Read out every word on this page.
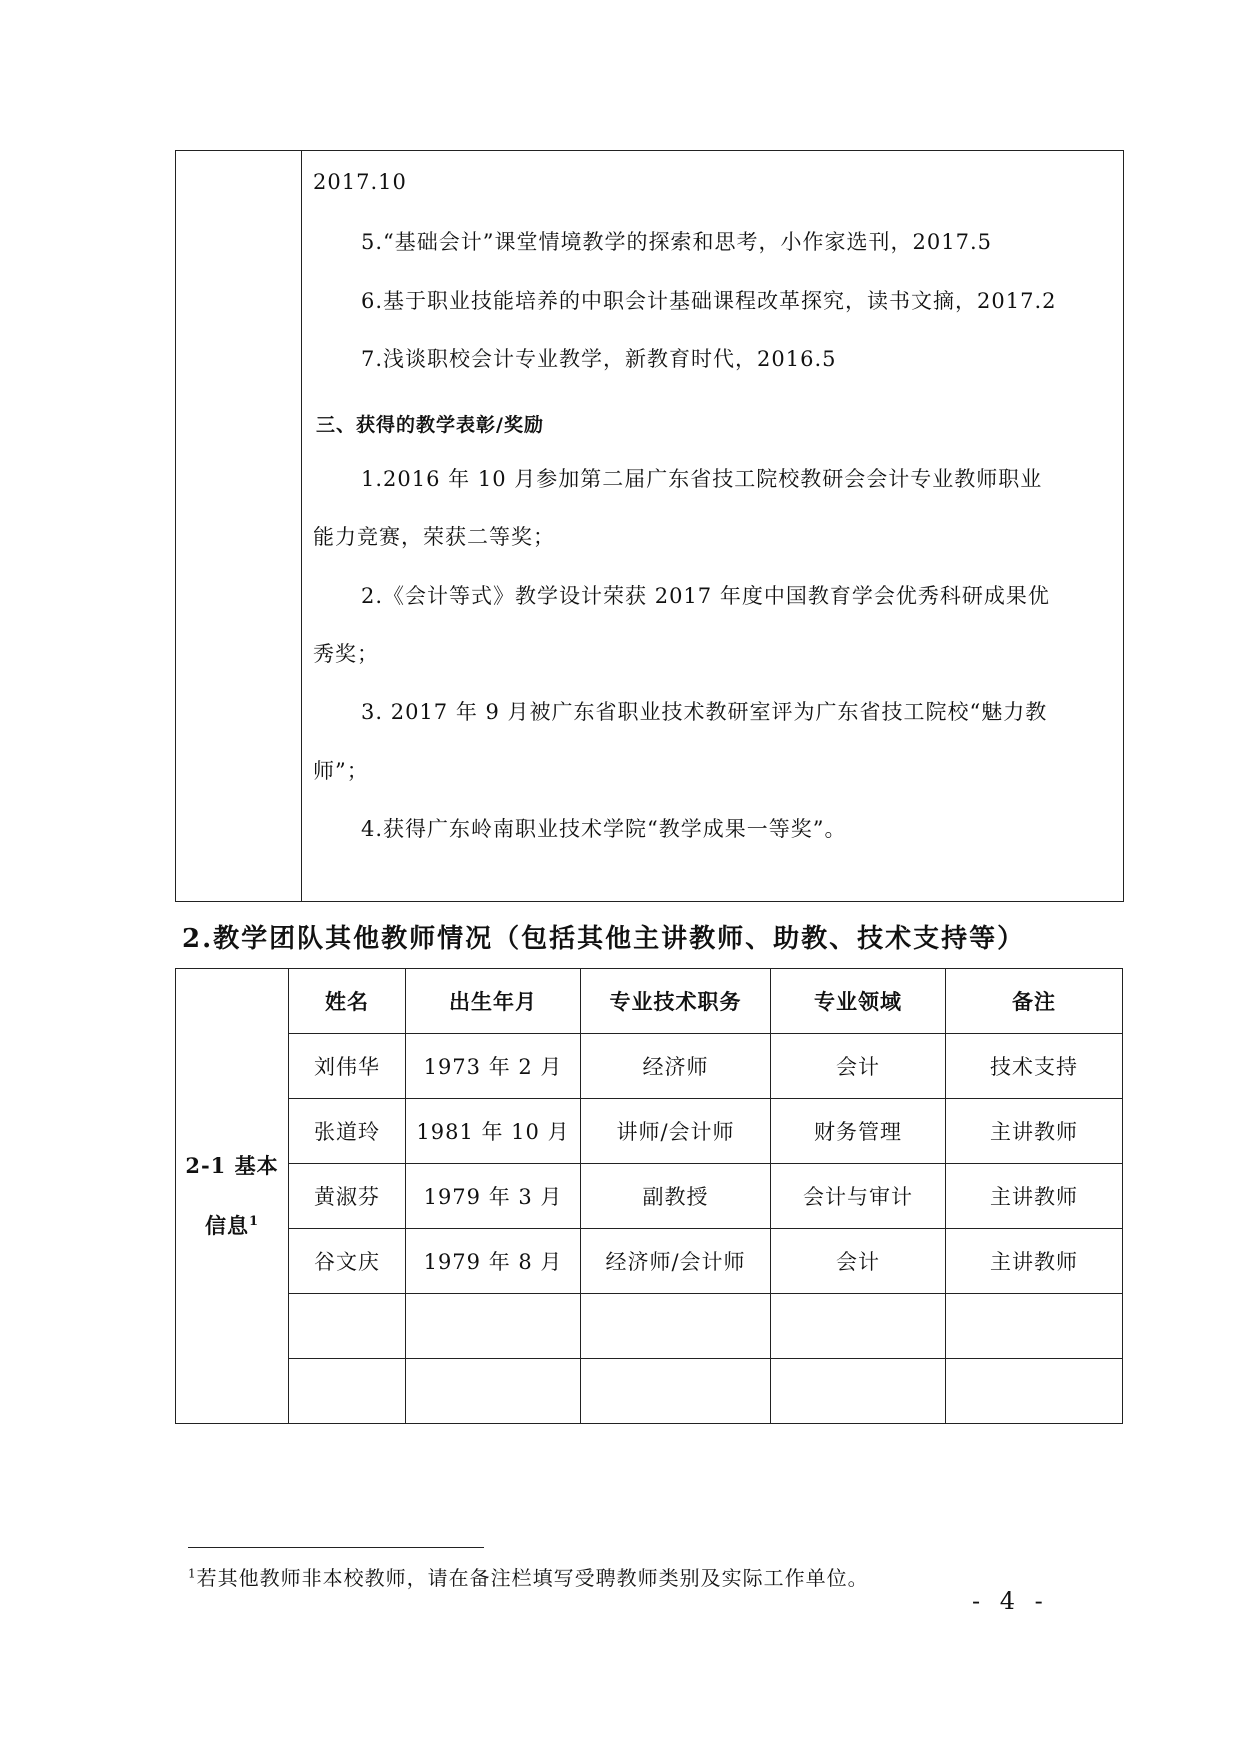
2017.10
5.“基础会计”课堂情境教学的探索和思考，小作家选刊，2017.5
6.基于职业技能培养的中职会计基础课程改革探究，读书文摘，2017.2
7.浅谈职校会计专业教学，新教育时代，2016.5
三、获得的教学表彰/奖励
1.2016 年 10 月参加第二届广东省技工院校教研会会计专业教师职业
能力竞赛，荣获二等奖；
2.《会计等式》教学设计荣获 2017 年度中国教育学会优秀科研成果优
秀奖；
3. 2017 年 9 月被广东省职业技术教研室评为广东省技工院校“魅力教
师”；
4.获得广东岭南职业技术学院“教学成果一等奖”。
2.教学团队其他教师情况（包括其他主讲教师、助教、技术支持等）
2-1 基本
信息$^1$	姓名	出生年月	专业技术职务	专业领域	备注
	刘伟华	1973 年 2 月	经济师	会计	技术支持
	张道玲	1981 年 10 月	讲师/会计师	财务管理	主讲教师
	黄淑芬	1979 年 3 月	副教授	会计与审计	主讲教师
	谷文庆	1979 年 8 月	经济师/会计师	会计	主讲教师

$^1$若其他教师非本校教师，请在备注栏填写受聘教师类别及实际工作单位。
- 4 -
